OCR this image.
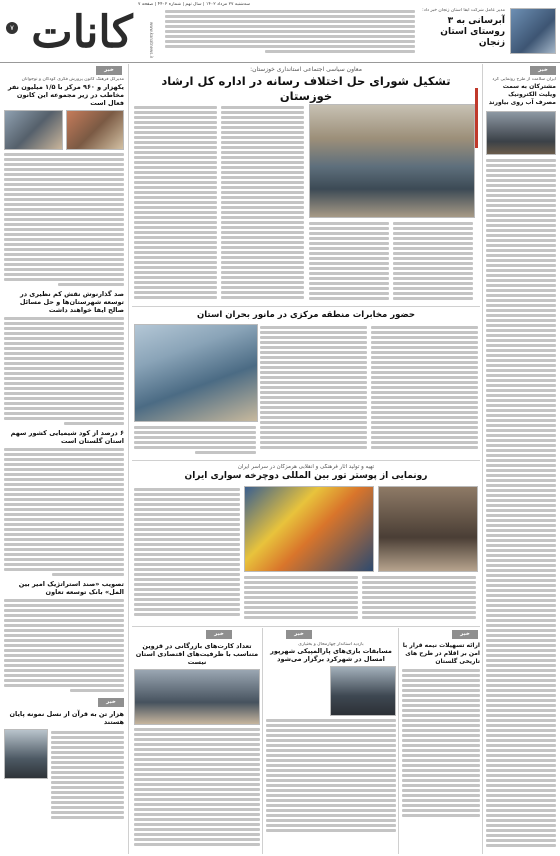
سه‌شنبه ۲۷ مرداد ۱۴۰۲ | سال نهم | شماره ۴۴۰۲ | صفحه ۷
۷ کانات	www.kanatnews.ir
مدیر عامل شرکت آبفا استان زنجان خبر داد:
آبرسانی به ۳ روستای استان زنجان
خبر
ایران سلامت از طرح رونمایی کرد
مشترکان به سمت ویلیت الکترونیک مصرف آب روی بیاورند
خبر
مدیرکل فرهنگ کانون پرورش فکری کودکان و نوجوانان
یکهزار و ۹۶۰ مرکز با ۱/۵ میلیون نفر مخاطب در زیر مجموعه این کانون فعال است
صد گذارنوش نقش کم نظیری در توسعه شهرستان‌ها و حل مسائل صالح ایفا خواهند داشت
۶ درصد از کود شیمیایی کشور سهم استان گلستان است
تصویب «صند استراتژیک امیر بین المل» بانک توسعه تعاون
خبر
هزار تن به قرآن از نسل نمونه پایان هستند
معاون سیاسی اجتماعی استانداری خوزستان:
تشکیل شورای حل اختلاف رسانه در اداره کل ارشاد خوزستان
حضور مخابرات منطقه مرکزی در مانور بحران استان
تهیه و تولید آثار فرهنگی و انقلابی هرمزگان در سراسر ایران
رونمایی از پوستر تور بین المللی دوچرخه سواری ایران
خبر	خبر	خبر
تعداد کارت‌های بازرگانی در قزوین متناسب با ظرفیت‌های اقتصادی استان نیست
بازدید استاندار چهارمحال و بختیاری
مسابقات بازی‌های پارالمپیکی شهرپور امسال در شهرکرد برگزار می‌شود
ارائه تسهیلات نیمه قرار با امن بر اقلام در طرح های تاریخی گلستان
